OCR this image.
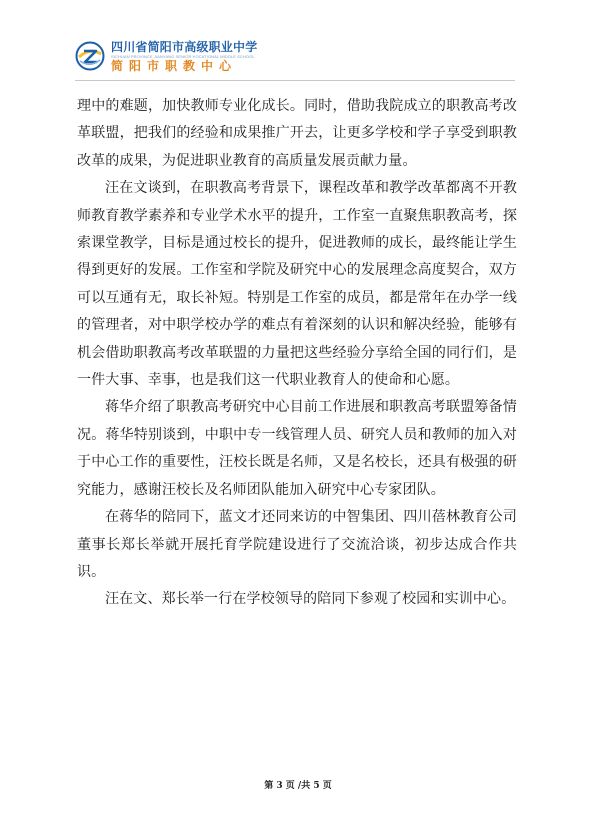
四川省简阳市高级职业中学
SICHUAN PROVINCE JIANYANG SENIOR VOCATIONAL MIDDLE SCHOOL
简阳市职教中心

理中的难题，加快教师专业化成长。同时，借助我院成立的职教高考改革联盟，把我们的经验和成果推广开去，让更多学校和学子享受到职教改革的成果，为促进职业教育的高质量发展贡献力量。

汪在文谈到，在职教高考背景下，课程改革和教学改革都离不开教师教育教学素养和专业学术水平的提升，工作室一直聚焦职教高考，探索课堂教学，目标是通过校长的提升，促进教师的成长，最终能让学生得到更好的发展。工作室和学院及研究中心的发展理念高度契合，双方可以互通有无，取长补短。特别是工作室的成员，都是常年在办学一线的管理者，对中职学校办学的难点有着深刻的认识和解决经验，能够有机会借助职教高考改革联盟的力量把这些经验分享给全国的同行们，是一件大事、幸事，也是我们这一代职业教育人的使命和心愿。

蒋华介绍了职教高考研究中心目前工作进展和职教高考联盟筹备情况。蒋华特别谈到，中职中专一线管理人员、研究人员和教师的加入对于中心工作的重要性，汪校长既是名师，又是名校长，还具有极强的研究能力，感谢汪校长及名师团队能加入研究中心专家团队。

在蒋华的陪同下，蓝文才还同来访的中智集团、四川蓓林教育公司董事长郑长举就开展托育学院建设进行了交流洽谈，初步达成合作共识。

汪在文、郑长举一行在学校领导的陪同下参观了校园和实训中心。

第 3 页 /共 5 页
